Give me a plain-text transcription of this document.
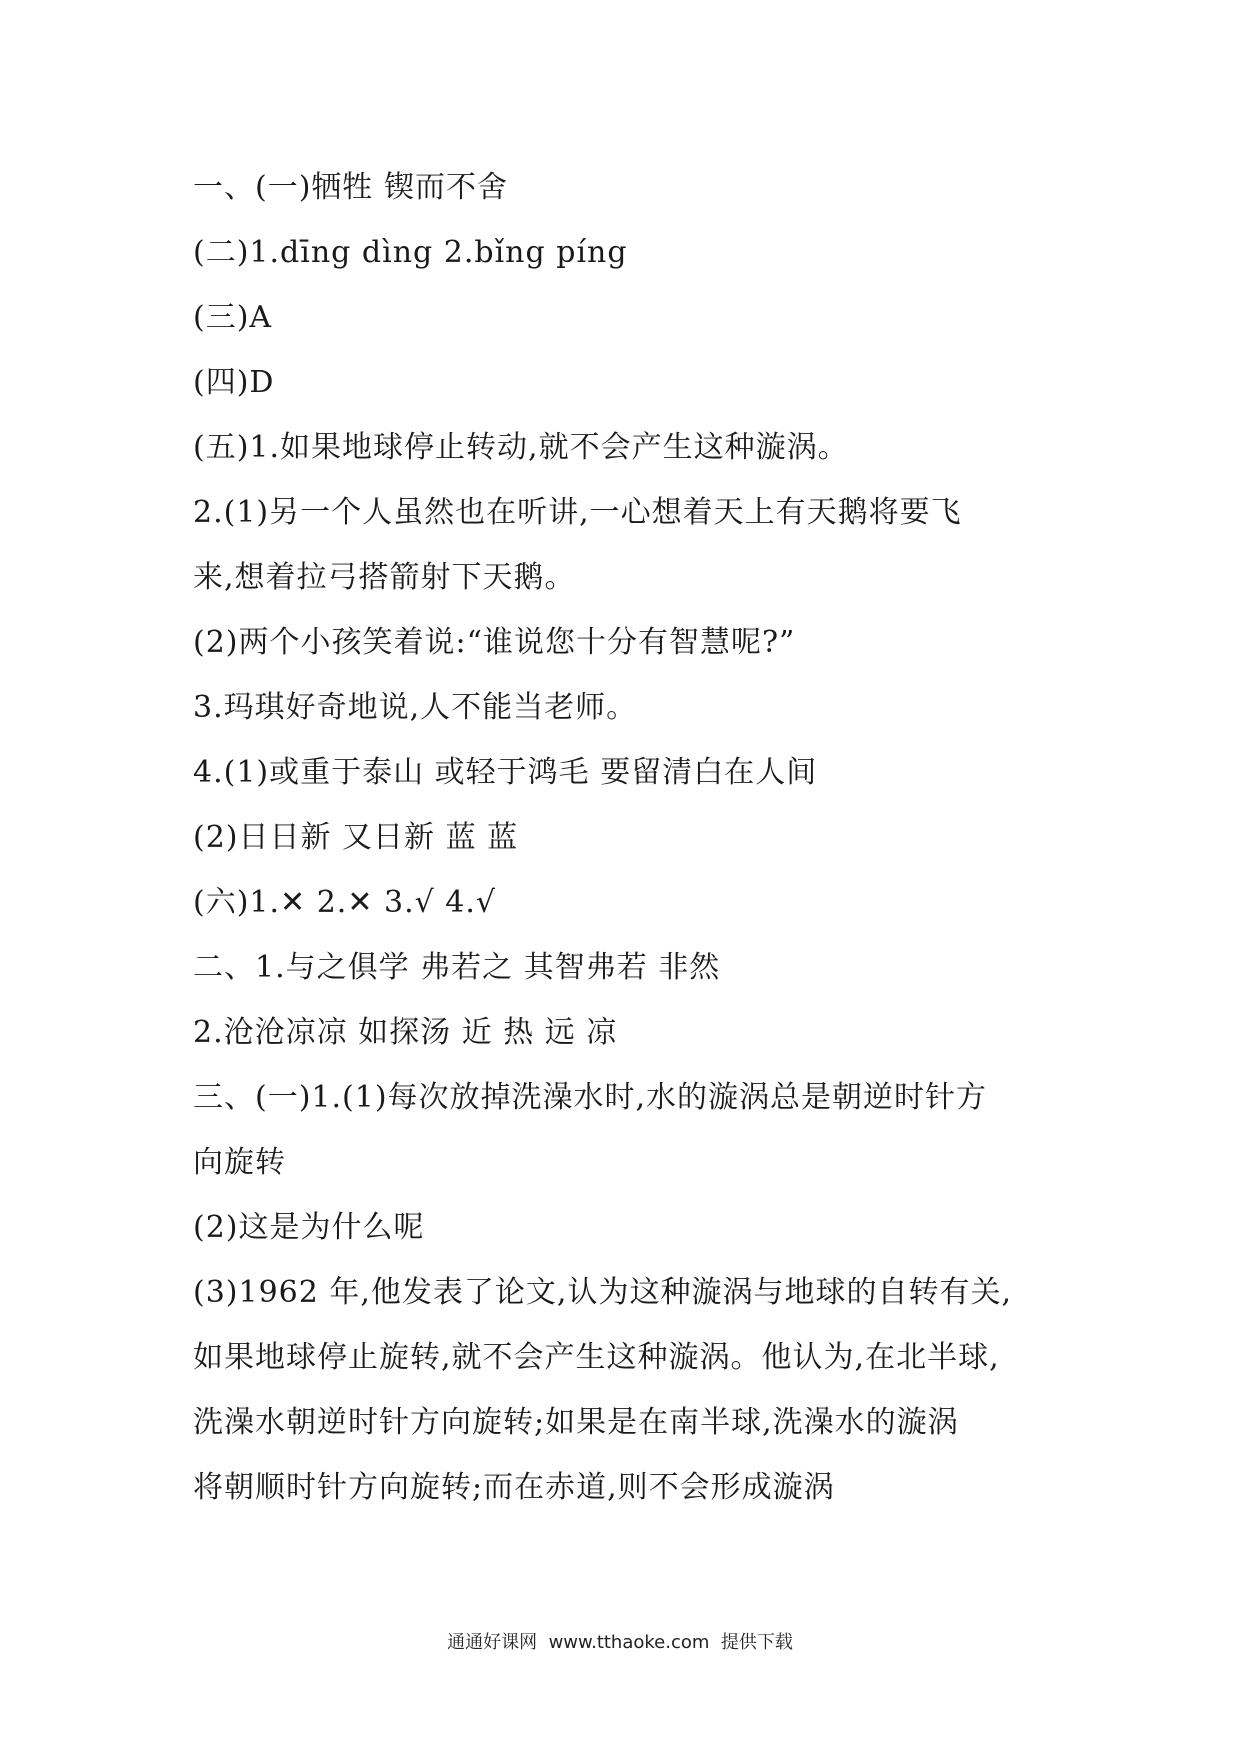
一、(一)牺牲 锲而不舍
(二)1.dīng dìng 2.bǐng píng
(三)A
(四)D
(五)1.如果地球停止转动,就不会产生这种漩涡。
2.(1)另一个人虽然也在听讲,一心想着天上有天鹅将要飞
来,想着拉弓搭箭射下天鹅。
(2)两个小孩笑着说:“谁说您十分有智慧呢?”
3.玛琪好奇地说,人不能当老师。
4.(1)或重于泰山 或轻于鸿毛 要留清白在人间
(2)日日新 又日新 蓝 蓝
(六)1.✕ 2.✕ 3.√ 4.√
二、1.与之俱学 弗若之 其智弗若 非然
2.沧沧凉凉 如探汤 近 热 远 凉
三、(一)1.(1)每次放掉洗澡水时,水的漩涡总是朝逆时针方
向旋转
(2)这是为什么呢
(3)1962 年,他发表了论文,认为这种漩涡与地球的自转有关,
如果地球停止旋转,就不会产生这种漩涡。他认为,在北半球,
洗澡水朝逆时针方向旋转;如果是在南半球,洗澡水的漩涡
将朝顺时针方向旋转;而在赤道,则不会形成漩涡
通通好课网  www.tthaoke.com  提供下载
